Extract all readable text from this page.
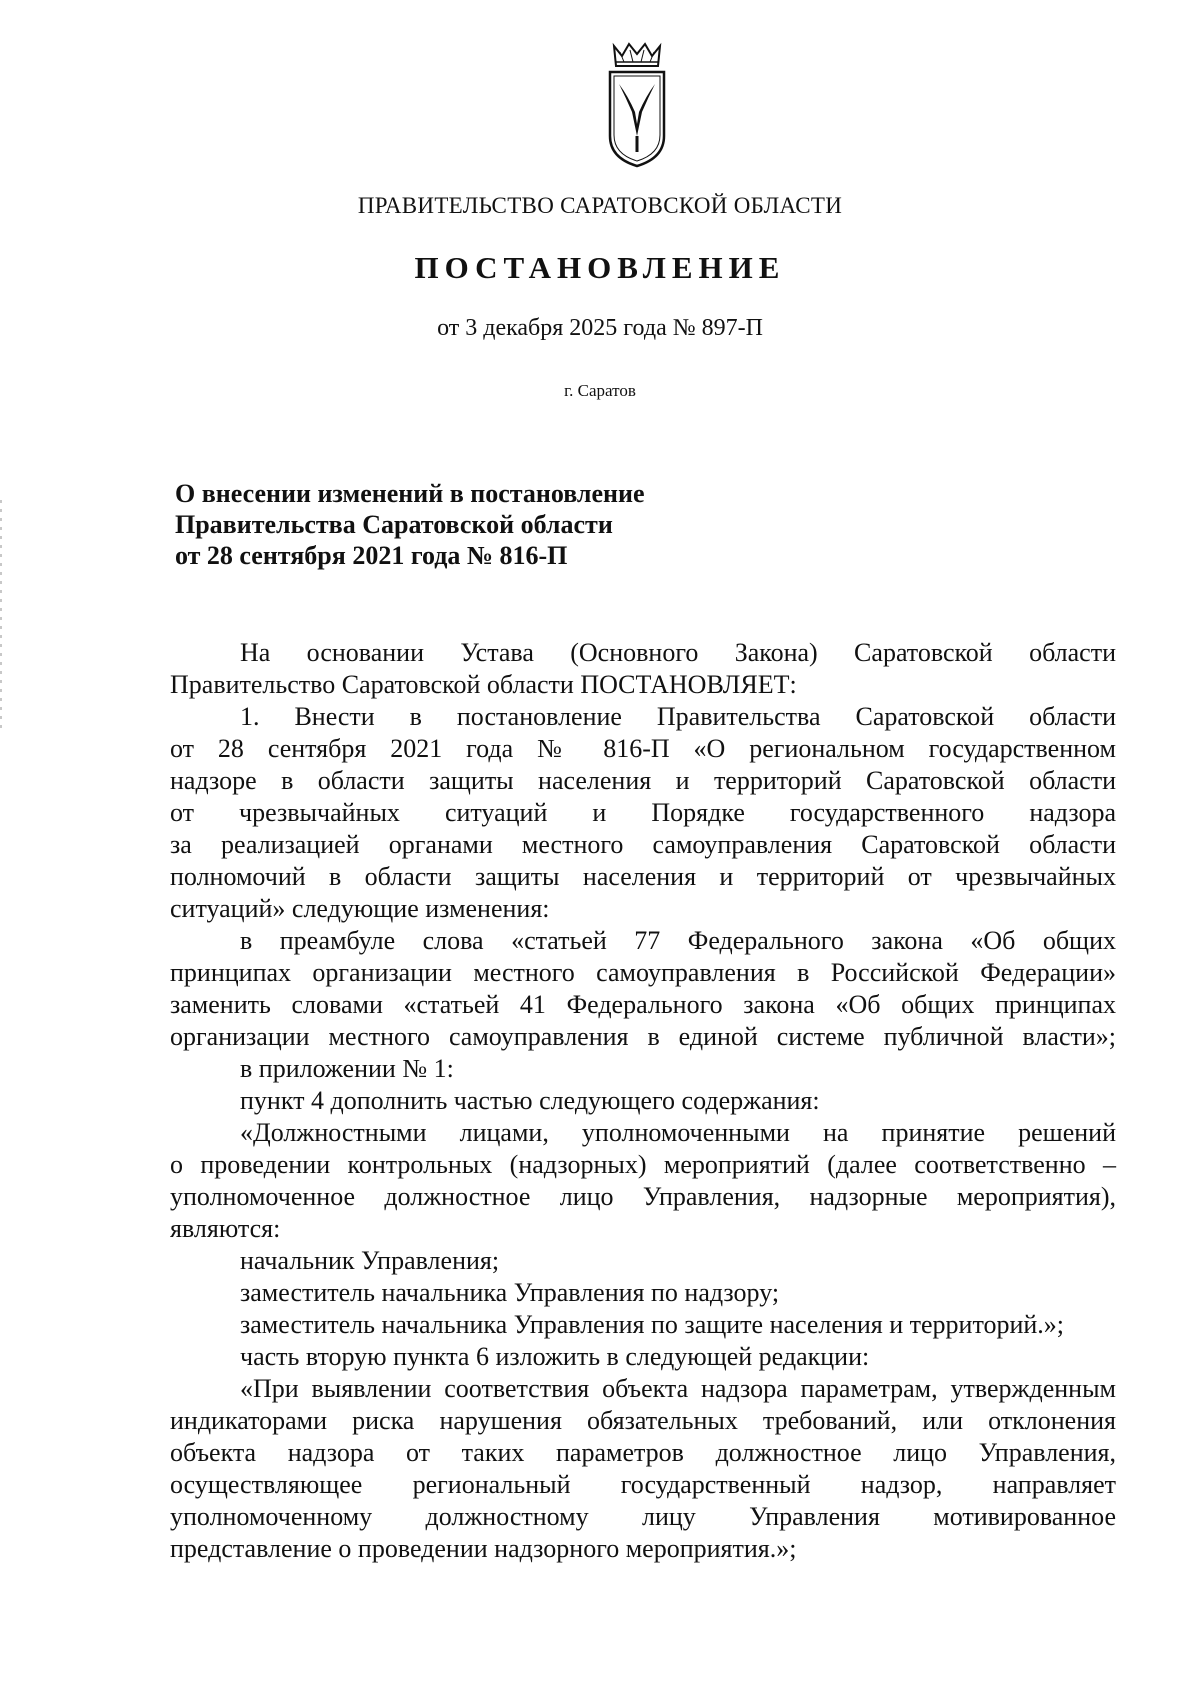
ПРАВИТЕЛЬСТВО САРАТОВСКОЙ ОБЛАСТИ
ПОСТАНОВЛЕНИЕ
от 3 декабря 2025 года № 897-П
г. Саратов
О внесении изменений в постановление
Правительства Саратовской области
от 28 сентября 2021 года № 816-П
На основании Устава (Основного Закона) Саратовской области
Правительство Саратовской области ПОСТАНОВЛЯЕТ:
1. Внести в постановление Правительства Саратовской области
от 28 сентября 2021 года № 816-П «О региональном государственном
надзоре в области защиты населения и территорий Саратовской области
от чрезвычайных ситуаций и Порядке государственного надзора
за реализацией органами местного самоуправления Саратовской области
полномочий в области защиты населения и территорий от чрезвычайных
ситуаций» следующие изменения:
в преамбуле слова «статьей 77 Федерального закона «Об общих
принципах организации местного самоуправления в Российской Федерации»
заменить словами «статьей 41 Федерального закона «Об общих принципах
организации местного самоуправления в единой системе публичной власти»;
в приложении № 1:
пункт 4 дополнить частью следующего содержания:
«Должностными лицами, уполномоченными на принятие решений
о проведении контрольных (надзорных) мероприятий (далее соответственно –
уполномоченное должностное лицо Управления, надзорные мероприятия),
являются:
начальник Управления;
заместитель начальника Управления по надзору;
заместитель начальника Управления по защите населения и территорий.»;
часть вторую пункта 6 изложить в следующей редакции:
«При выявлении соответствия объекта надзора параметрам, утвержденным
индикаторами риска нарушения обязательных требований, или отклонения
объекта надзора от таких параметров должностное лицо Управления,
осуществляющее региональный государственный надзор, направляет
уполномоченному должностному лицу Управления мотивированное
представление о проведении надзорного мероприятия.»;
